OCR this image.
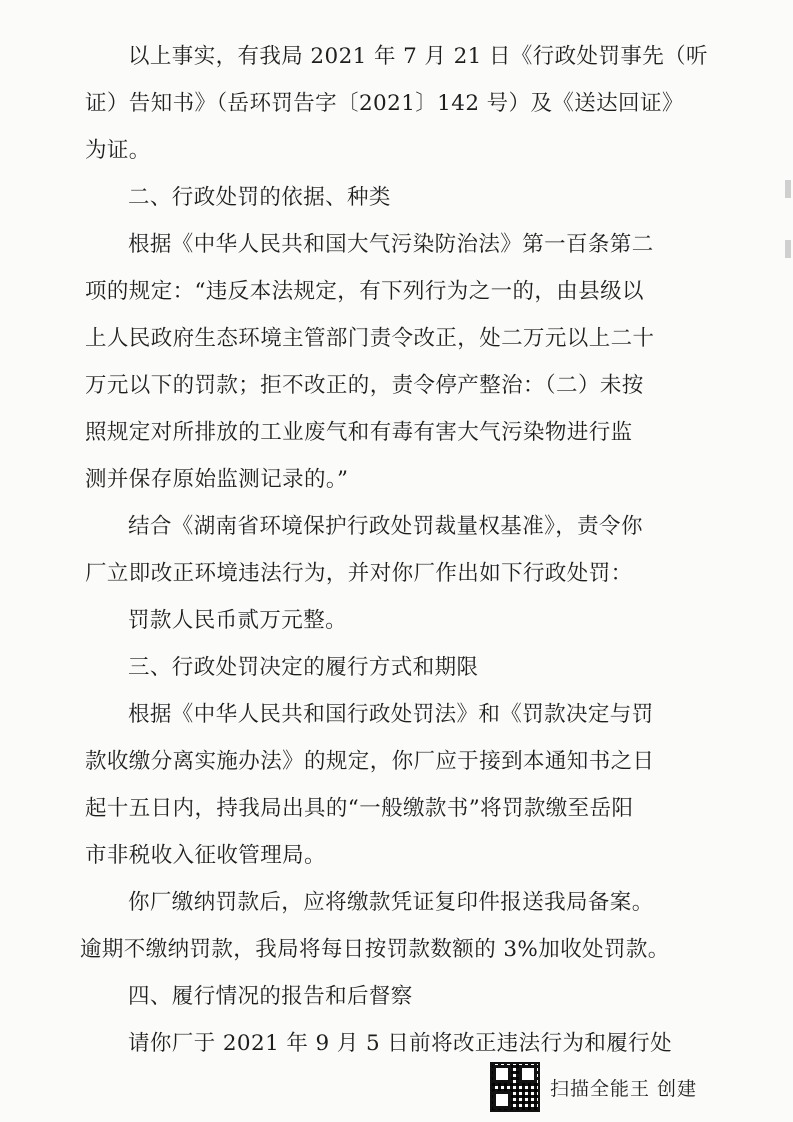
以上事实，有我局 2021 年 7 月 21 日《行政处罚事先（听
证）告知书》（岳环罚告字〔2021〕142 号）及《送达回证》
为证。
二、行政处罚的依据、种类
根据《中华人民共和国大气污染防治法》第一百条第二
项的规定：“违反本法规定，有下列行为之一的，由县级以
上人民政府生态环境主管部门责令改正，处二万元以上二十
万元以下的罚款；拒不改正的，责令停产整治：（二）未按
照规定对所排放的工业废气和有毒有害大气污染物进行监
测并保存原始监测记录的。”
结合《湖南省环境保护行政处罚裁量权基准》，责令你
厂立即改正环境违法行为，并对你厂作出如下行政处罚：
罚款人民币贰万元整。
三、行政处罚决定的履行方式和期限
根据《中华人民共和国行政处罚法》和《罚款决定与罚
款收缴分离实施办法》的规定，你厂应于接到本通知书之日
起十五日内，持我局出具的“一般缴款书”将罚款缴至岳阳
市非税收入征收管理局。
你厂缴纳罚款后，应将缴款凭证复印件报送我局备案。
逾期不缴纳罚款，我局将每日按罚款数额的 3%加收处罚款。
四、履行情况的报告和后督察
请你厂于 2021 年 9 月 5 日前将改正违法行为和履行处
扫描全能王 创建
